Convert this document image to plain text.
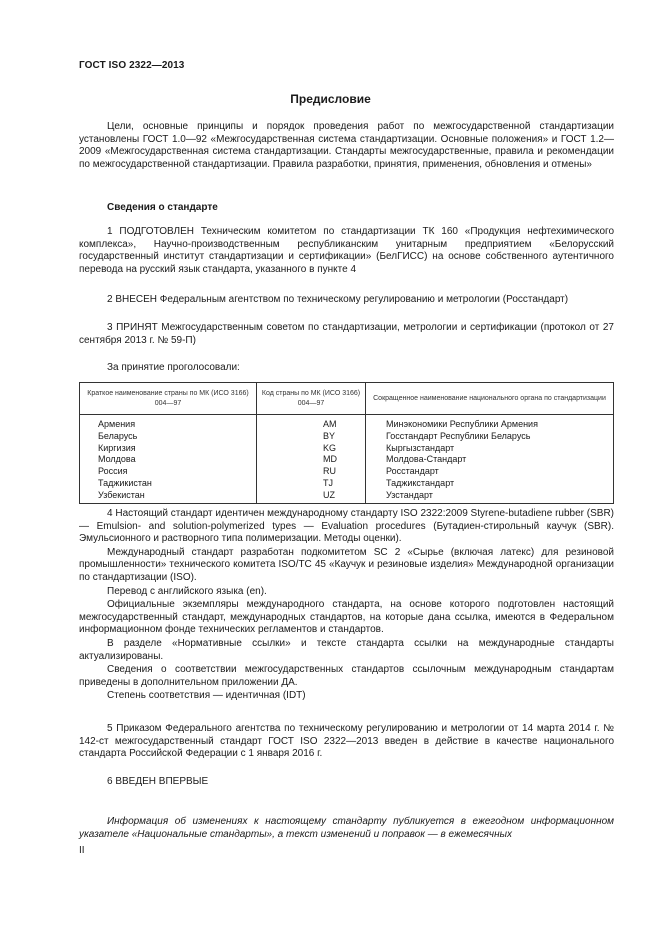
ГОСТ ISO 2322—2013
Предисловие

Цели, основные принципы и порядок проведения работ по межгосударственной стандартизации установлены ГОСТ 1.0—92 «Межгосударственная система стандартизации. Основные положения» и ГОСТ 1.2—2009 «Межгосударственная система стандартизации. Стандарты межгосударственные, правила и рекомендации по межгосударственной стандартизации. Правила разработки, принятия, применения, обновления и отмены»

Сведения о стандарте

1 ПОДГОТОВЛЕН Техническим комитетом по стандартизации ТК 160 «Продукция нефтехимического комплекса», Научно-производственным республиканским унитарным предприятием «Белорусский государственный институт стандартизации и сертификации» (БелГИСС) на основе собственного аутентичного перевода на русский язык стандарта, указанного в пункте 4

2 ВНЕСЕН Федеральным агентством по техническому регулированию и метрологии (Росстандарт)

3 ПРИНЯТ Межгосударственным советом по стандартизации, метрологии и сертификации (протокол от 27 сентября 2013 г. № 59-П)

За принятие проголосовали:
Краткое наименование страны по МК (ИСО 3166) 004—97	Код страны по МК (ИСО 3166) 004—97	Сокращенное наименование национального органа по стандартизации
Армения	AM	Минэкономики Республики Армения
Беларусь	BY	Госстандарт Республики Беларусь
Киргизия	KG	Кыргызстандарт
Молдова	MD	Молдова-Стандарт
Россия	RU	Росстандарт
Таджикистан	TJ	Таджикстандарт
Узбекистан	UZ	Узстандарт

4 Настоящий стандарт идентичен международному стандарту ISO 2322:2009 Styrene-butadiene rubber (SBR) — Emulsion- and solution-polymerized types — Evaluation procedures (Бутадиен-стирольный каучук (SBR). Эмульсионного и растворного типа полимеризации. Методы оценки).

Международный стандарт разработан подкомитетом SC 2 «Сырье (включая латекс) для резиновой промышленности» технического комитета ISO/TC 45 «Каучук и резиновые изделия» Международной организации по стандартизации (ISO).

Перевод с английского языка (en).

Официальные экземпляры международного стандарта, на основе которого подготовлен настоящий межгосударственный стандарт, международных стандартов, на которые дана ссылка, имеются в Федеральном информационном фонде технических регламентов и стандартов.

В разделе «Нормативные ссылки» и тексте стандарта ссылки на международные стандарты актуализированы.

Сведения о соответствии межгосударственных стандартов ссылочным международным стандартам приведены в дополнительном приложении ДА.

Степень соответствия — идентичная (IDT)

5 Приказом Федерального агентства по техническому регулированию и метрологии от 14 марта 2014 г. № 142-ст межгосударственный стандарт ГОСТ ISO 2322—2013 введен в действие в качестве национального стандарта Российской Федерации с 1 января 2016 г.

6 ВВЕДЕН ВПЕРВЫЕ

Информация об изменениях к настоящему стандарту публикуется в ежегодном информационном указателе «Национальные стандарты», а текст изменений и поправок — в ежемесячных

II
